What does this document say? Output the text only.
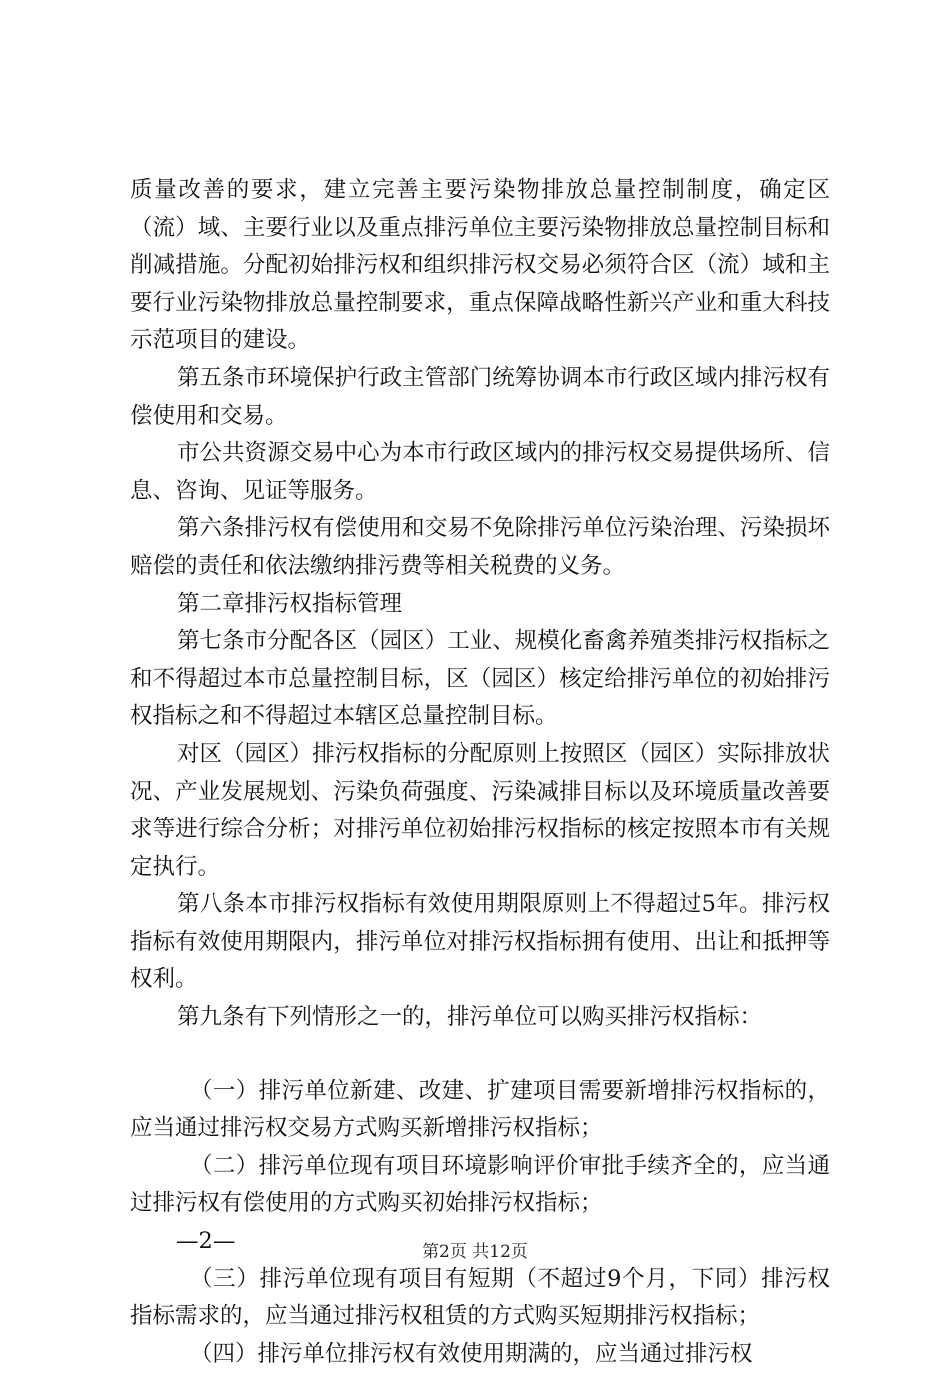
质量改善的要求，建立完善主要污染物排放总量控制制度，确定区（流）域、主要行业以及重点排污单位主要污染物排放总量控制目标和削减措施。分配初始排污权和组织排污权交易必须符合区（流）域和主要行业污染物排放总量控制要求，重点保障战略性新兴产业和重大科技示范项目的建设。

第五条市环境保护行政主管部门统筹协调本市行政区域内排污权有偿使用和交易。

市公共资源交易中心为本市行政区域内的排污权交易提供场所、信息、咨询、见证等服务。

第六条排污权有偿使用和交易不免除排污单位污染治理、污染损坏赔偿的责任和依法缴纳排污费等相关税费的义务。

第二章排污权指标管理

第七条市分配各区（园区）工业、规模化畜禽养殖类排污权指标之和不得超过本市总量控制目标，区（园区）核定给排污单位的初始排污权指标之和不得超过本辖区总量控制目标。

对区（园区）排污权指标的分配原则上按照区（园区）实际排放状况、产业发展规划、污染负荷强度、污染减排目标以及环境质量改善要求等进行综合分析；对排污单位初始排污权指标的核定按照本市有关规定执行。

第八条本市排污权指标有效使用期限原则上不得超过5年。排污权指标有效使用期限内，排污单位对排污权指标拥有使用、出让和抵押等权利。

第九条有下列情形之一的，排污单位可以购买排污权指标：

（一）排污单位新建、改建、扩建项目需要新增排污权指标的，应当通过排污权交易方式购买新增排污权指标；

（二）排污单位现有项目环境影响评价审批手续齐全的，应当通过排污权有偿使用的方式购买初始排污权指标；

—2—

（三）排污单位现有项目有短期（不超过9个月，下同）排污权指标需求的，应当通过排污权租赁的方式购买短期排污权指标；

（四）排污单位排污权有效使用期满的，应当通过排污权

第2页 共12页
